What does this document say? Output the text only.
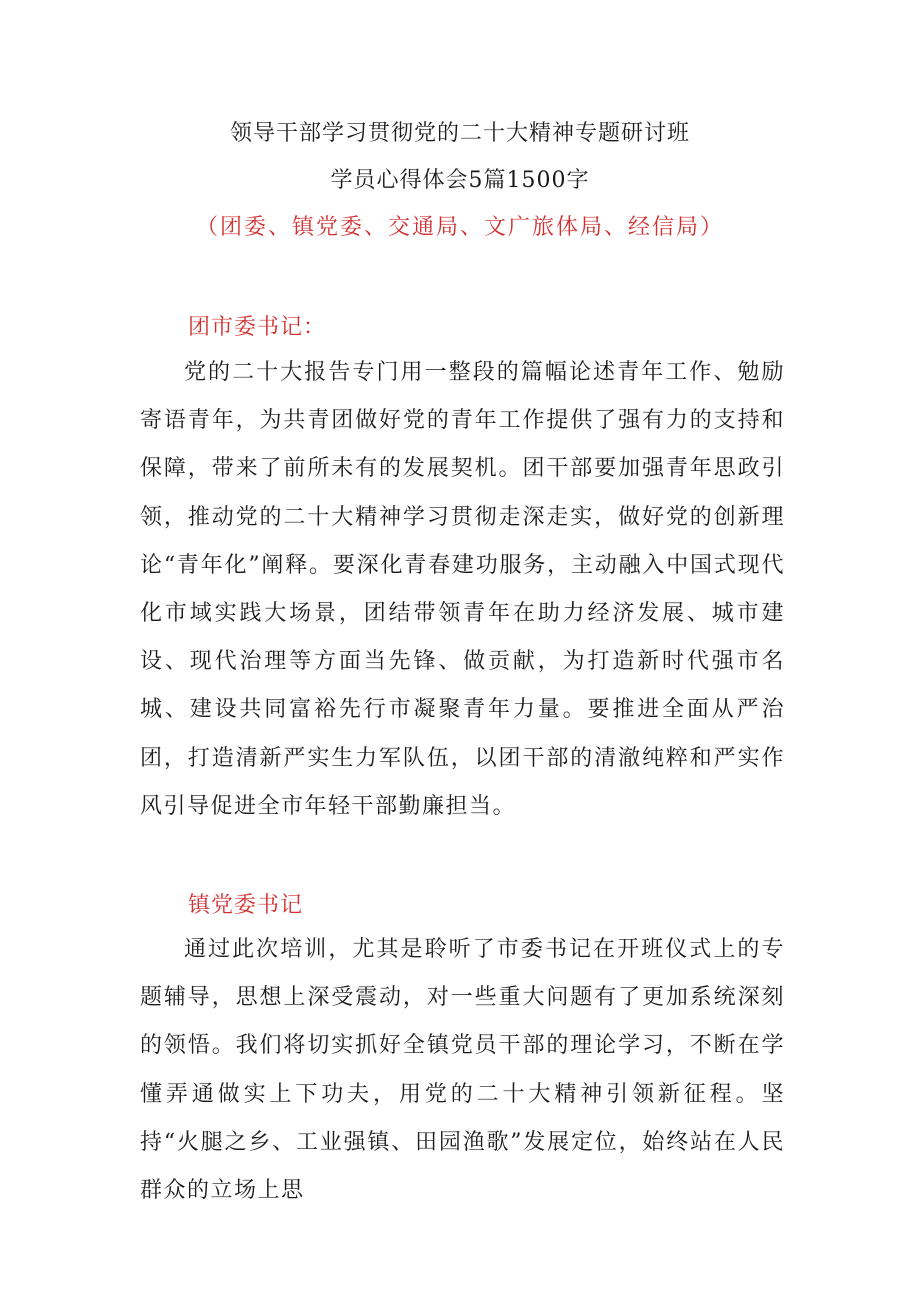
领导干部学习贯彻党的二十大精神专题研讨班
学员心得体会5篇1500字
（团委、镇党委、交通局、文广旅体局、经信局）
团市委书记：

党的二十大报告专门用一整段的篇幅论述青年工作、勉励寄语青年，为共青团做好党的青年工作提供了强有力的支持和保障，带来了前所未有的发展契机。团干部要加强青年思政引领，推动党的二十大精神学习贯彻走深走实，做好党的创新理论“青年化”阐释。要深化青春建功服务，主动融入中国式现代化市域实践大场景，团结带领青年在助力经济发展、城市建设、现代治理等方面当先锋、做贡献，为打造新时代强市名城、建设共同富裕先行市凝聚青年力量。要推进全面从严治团，打造清新严实生力军队伍，以团干部的清澈纯粹和严实作风引导促进全市年轻干部勤廉担当。

镇党委书记

通过此次培训，尤其是聆听了市委书记在开班仪式上的专题辅导，思想上深受震动，对一些重大问题有了更加系统深刻的领悟。我们将切实抓好全镇党员干部的理论学习，不断在学懂弄通做实上下功夫，用党的二十大精神引领新征程。坚持“火腿之乡、工业强镇、田园渔歌”发展定位，始终站在人民群众的立场上思
